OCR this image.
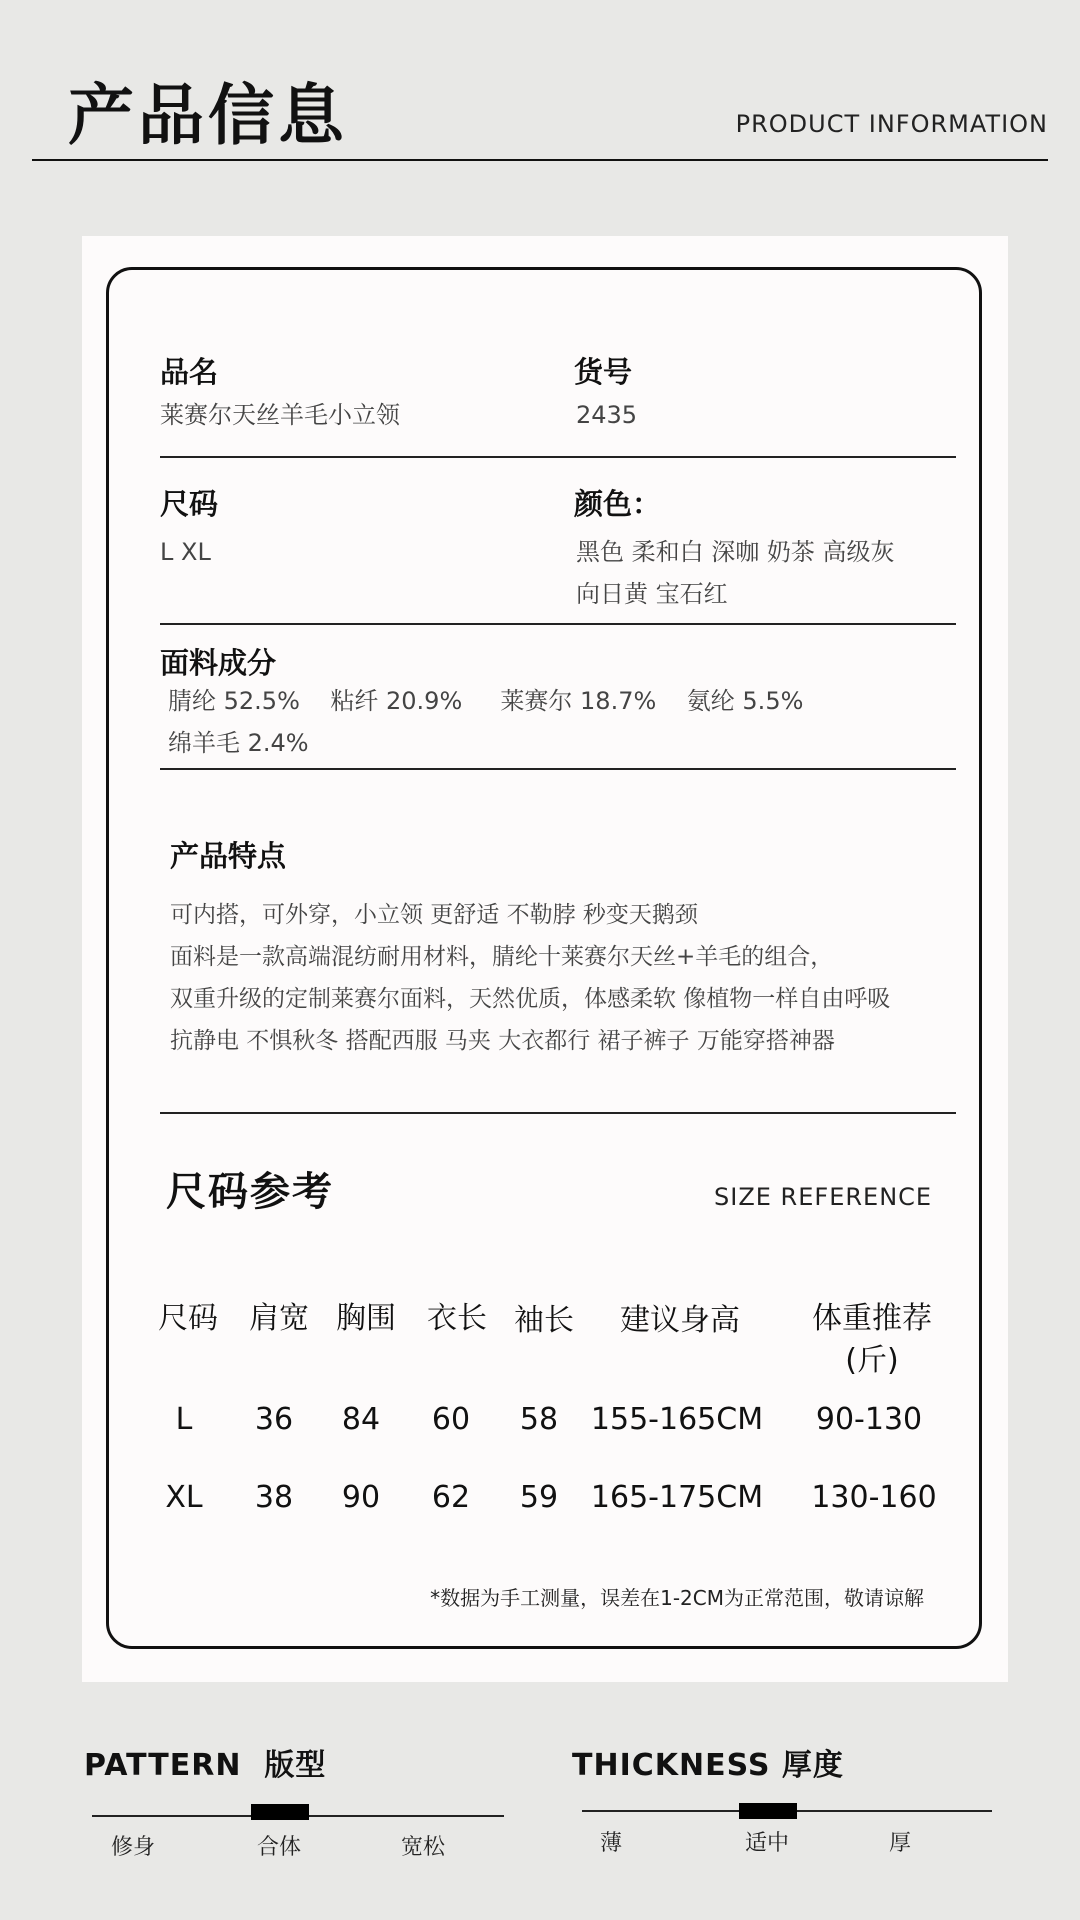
产品信息	PRODUCT INFORMATION
品名
莱赛尔天丝羊毛小立领
货号
2435
尺码
L XL
颜色：
黑色 柔和白 深咖 奶茶 高级灰
向日黄 宝石红
面料成分
腈纶 52.5%    粘纤 20.9%     莱赛尔 18.7%    氨纶 5.5%
绵羊毛 2.4%
产品特点
可内搭，可外穿，小立领 更舒适 不勒脖 秒变天鹅颈
面料是一款高端混纺耐用材料，腈纶十莱赛尔天丝+羊毛的组合，
双重升级的定制莱赛尔面料，天然优质，体感柔软 像植物一样自由呼吸
抗静电 不惧秋冬 搭配西服 马夹 大衣都行 裙子裤子 万能穿搭神器
尺码参考	SIZE REFERENCE
尺码 肩宽 胸围 衣长 袖长 建议身高 体重推荐
(斤)
L 36 84 60 58 155-165CM 90-130
XL 38 90 62 59 165-175CM 130-160
*数据为手工测量，误差在1-2CM为正常范围，敬请谅解
PATTERN  版型
修身	合体	宽松
THICKNESS 厚度
薄	适中	厚
